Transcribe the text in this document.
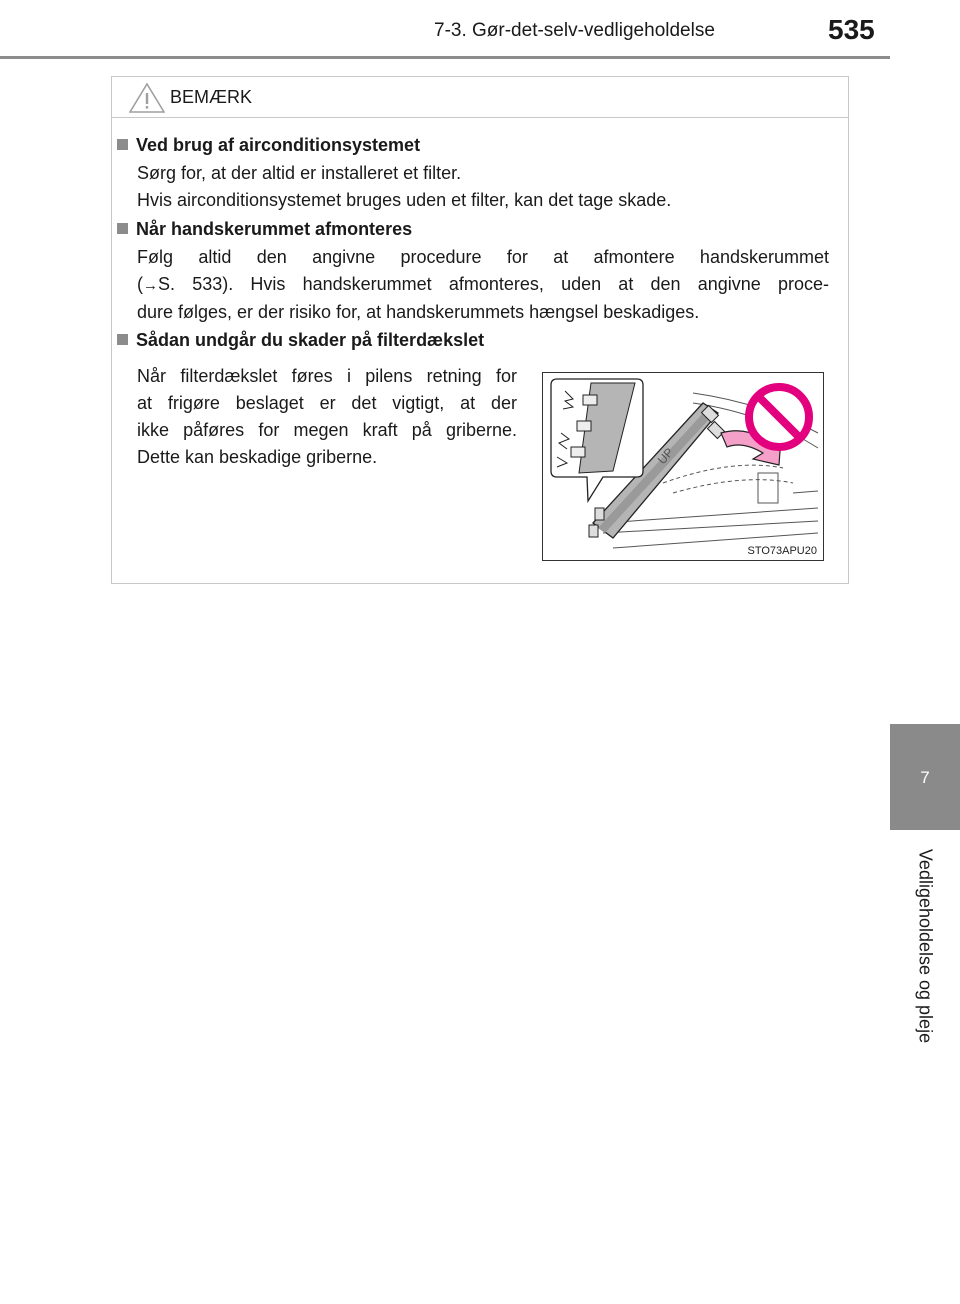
7-3. Gør-det-selv-vedligeholdelse	535
7
Vedligeholdelse og pleje
BEMÆRK
Ved brug af airconditionsystemet
Sørg for, at der altid er installeret et filter.
Hvis airconditionsystemet bruges uden et filter, kan det tage skade.
Når handskerummet afmonteres
Følg altid den angivne procedure for at afmontere handskerummet
(→S. 533). Hvis handskerummet afmonteres, uden at den angivne proce-
dure følges, er der risiko for, at handskerummets hængsel beskadiges.
Sådan undgår du skader på filterdækslet
Når filterdækslet føres i pilens retning for
at frigøre beslaget er det vigtigt, at der
ikke påføres for megen kraft på griberne.
Dette kan beskadige griberne.	UP
STO73APU20
